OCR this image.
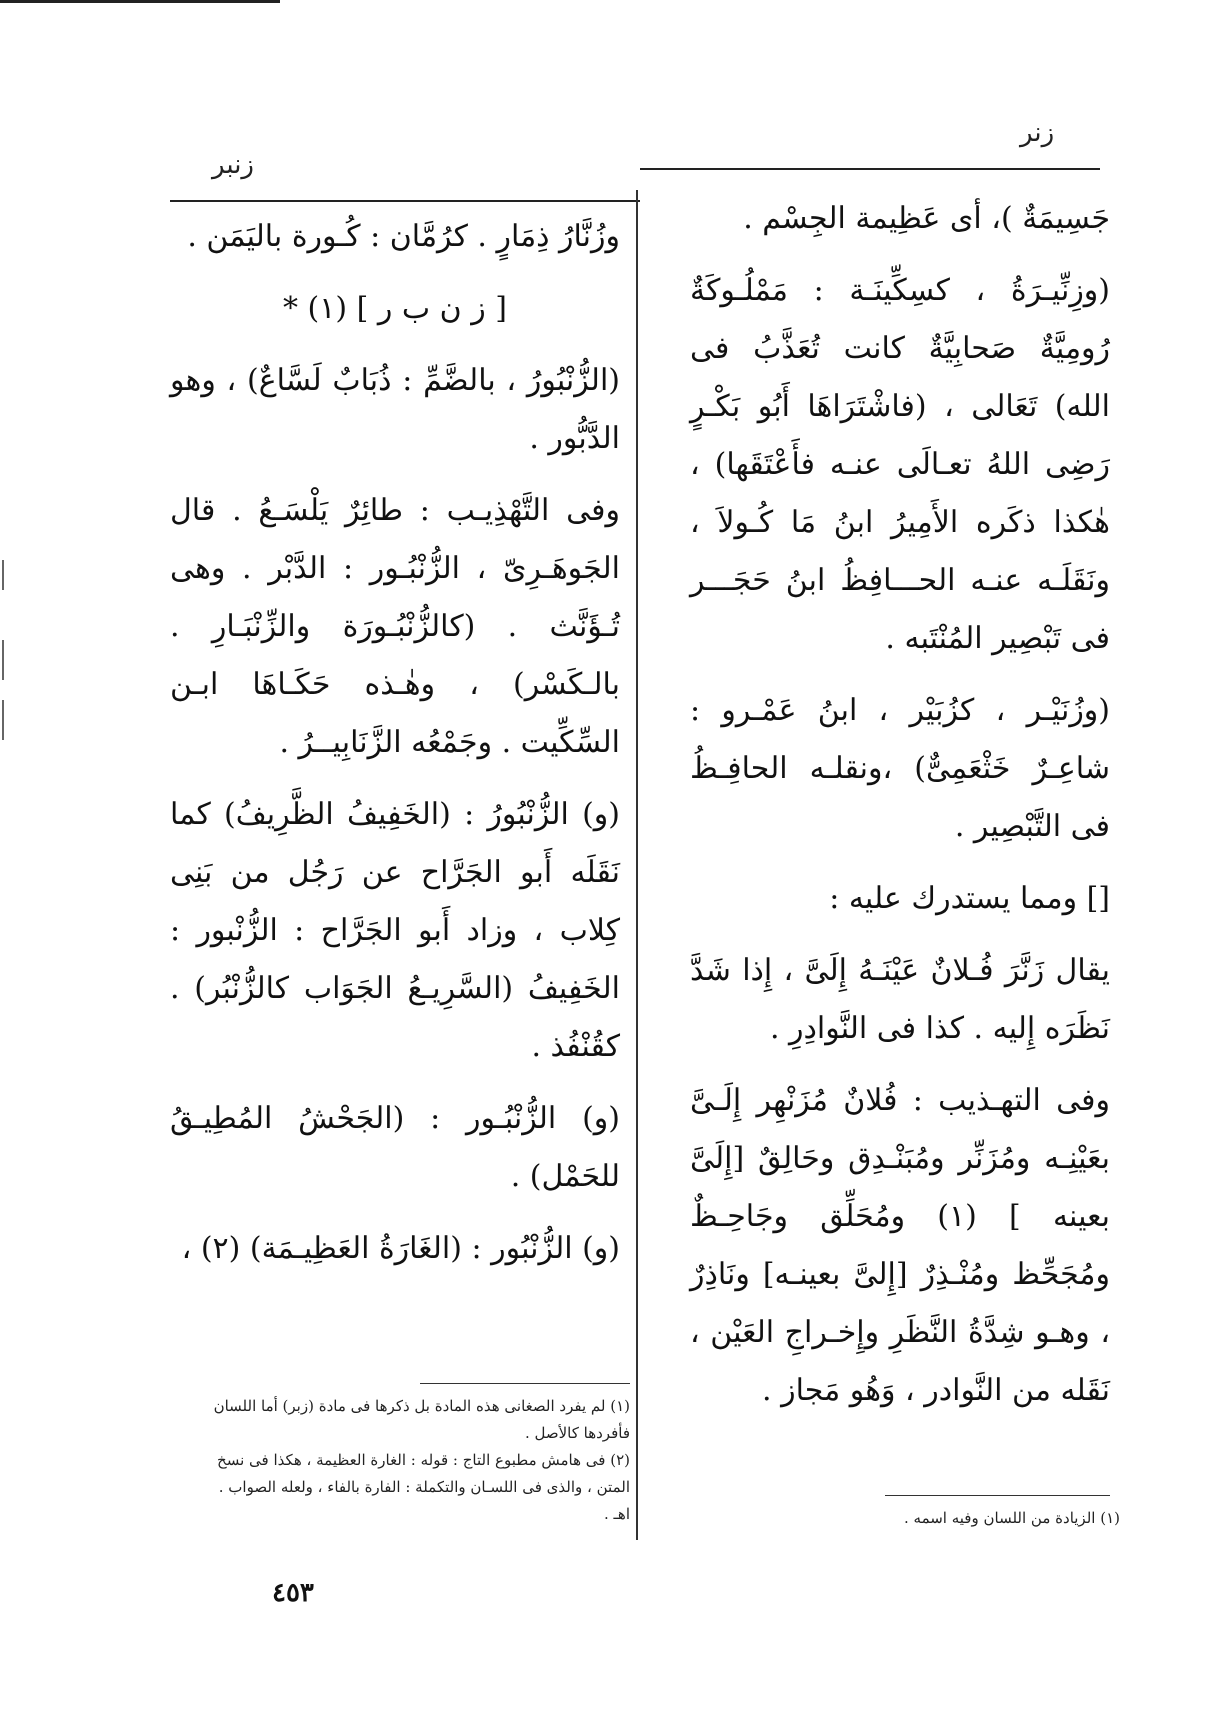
زنر
زنبر

جَسِيمَةٌ )، أى عَظِيمة الجِسْم .

(وزِنِّيـرَةُ ، كسِكِّينَـة : مَمْلُـوكَةٌ رُومِيَّةٌ صَحابِيَّةٌ كانت تُعَذَّبُ فى الله) تَعَالى ، (فاشْتَرَاهَا أَبُو بَكْـرٍ رَضِى اللهُ تعـالَى عنـه فأَعْتَقَها) ، هٰكذا ذكَره الأَمِيرُ ابنُ مَا كُـولاَ ، ونَقَلَـه عنـه الحـــافِظُ ابنُ حَجَـــر فى تَبْصِير المُنْتَبه .

(وزُنَيْـر ، كزُبَيْر ، ابنُ عَمْـرو : شاعِـرٌ خَثْعَمِىٌّ) ،ونقلـه الحافِـظُ فى التَّبْصِير .

[] ومما يستدرك عليه :

يقال زَنَّرَ فُـلانٌ عَيْنَـهُ إِلَىَّ ، إِذا شَدَّ نَظَرَه إِليه . كذا فى النَّوادِرِ .

وفى التهـذيب : فُلانٌ مُزَنْهِر إِلَـىَّ بعَيْنِـه ومُزَنِّر ومُبَنْـدِق وحَالِقٌ [إِلَىَّ بعينه ] (١) ومُحَلِّق وجَاحِـظٌ ومُجَحِّظ ومُنْـذِرٌ [إِلىَّ بعينـه] ونَاذِرٌ ، وهـو شِدَّةُ النَّظَرِ وإِخـراجِ العَيْن ، نَقَله من النَّوادر ، وَهُو مَجاز .

وزُنَّارُ ذِمَارٍ . كرُمَّان : كُـورة باليَمَن .

[ ز ن ب ر ] (١) *

(الزُّنْبُورُ ، بالضَّمِّ : ذُبَابٌ لَسَّاعٌ) ، وهو الدَّبُّور .

وفى التَّهْذِيـب : طائِرٌ يَلْسَـعُ . قال الجَوهَـرِىّ ، الزُّنْبُـور : الدَّبْر . وهى تُـؤَنَّث . (كالزُّنْبُـورَة والزِّنْبَـارِ . بالـكَسْر) ، وهٰـذه حَكَـاهَا ابـن السِّكِّيت . وجَمْعُه الزَّنَابِيــرُ .

(و) الزُّنْبُورُ : (الخَفِيفُ الظَّرِيفُ) كما نَقَلَه أَبو الجَرَّاح عن رَجُل من بَنِى كِلاب ، وزاد أَبو الجَرَّاح : الزُّنْبور : الخَفِيفُ (السَّرِيـعُ الجَوَاب كالزُّنْبُر) . كقُنْفُذ .

(و) الزُّنْبُـور : (الجَحْشُ المُطِيـقُ للحَمْل) .

(و) الزُّنْبُور : (الغَارَةُ العَظِيـمَة) (٢) ،

(١) لم يفرد الصغانى هذه المادة بل ذكرها فى مادة (زبر) أما اللسان فأفردها كالأصل .

(٢) فى هامش مطبوع التاج : قوله : الغارة العظيمة ، هكذا فى نسخ المتن ، والذى فى اللسـان والتكملة : الفارة بالفاء ، ولعله الصواب . اهـ .	(١) الزيادة من اللسان وفيه اسمه .

٤٥٣
